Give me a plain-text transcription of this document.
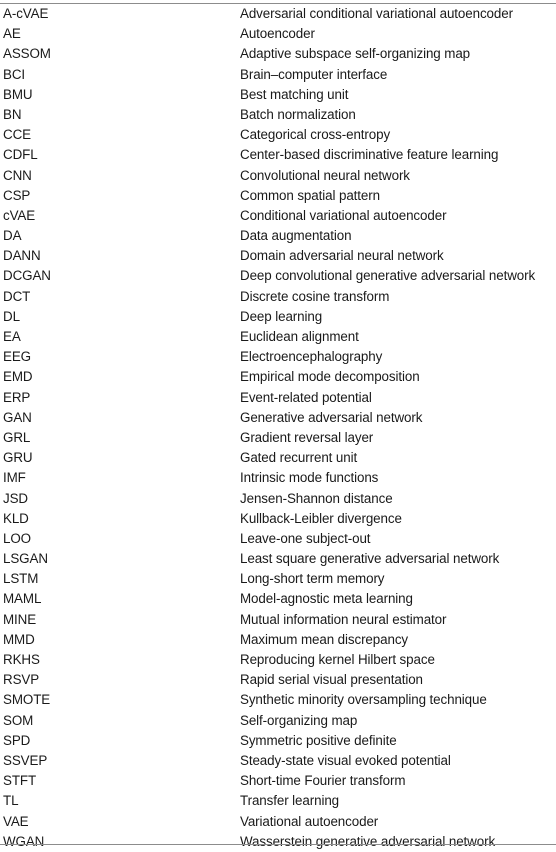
A-cVAE	Adversarial conditional variational autoencoder
AE	Autoencoder
ASSOM	Adaptive subspace self-organizing map
BCI	Brain–computer interface
BMU	Best matching unit
BN	Batch normalization
CCE	Categorical cross-entropy
CDFL	Center-based discriminative feature learning
CNN	Convolutional neural network
CSP	Common spatial pattern
cVAE	Conditional variational autoencoder
DA	Data augmentation
DANN	Domain adversarial neural network
DCGAN	Deep convolutional generative adversarial network
DCT	Discrete cosine transform
DL	Deep learning
EA	Euclidean alignment
EEG	Electroencephalography
EMD	Empirical mode decomposition
ERP	Event-related potential
GAN	Generative adversarial network
GRL	Gradient reversal layer
GRU	Gated recurrent unit
IMF	Intrinsic mode functions
JSD	Jensen-Shannon distance
KLD	Kullback-Leibler divergence
LOO	Leave-one subject-out
LSGAN	Least square generative adversarial network
LSTM	Long-short term memory
MAML	Model-agnostic meta learning
MINE	Mutual information neural estimator
MMD	Maximum mean discrepancy
RKHS	Reproducing kernel Hilbert space
RSVP	Rapid serial visual presentation
SMOTE	Synthetic minority oversampling technique
SOM	Self-organizing map
SPD	Symmetric positive definite
SSVEP	Steady-state visual evoked potential
STFT	Short-time Fourier transform
TL	Transfer learning
VAE	Variational autoencoder
WGAN	Wasserstein generative adversarial network
